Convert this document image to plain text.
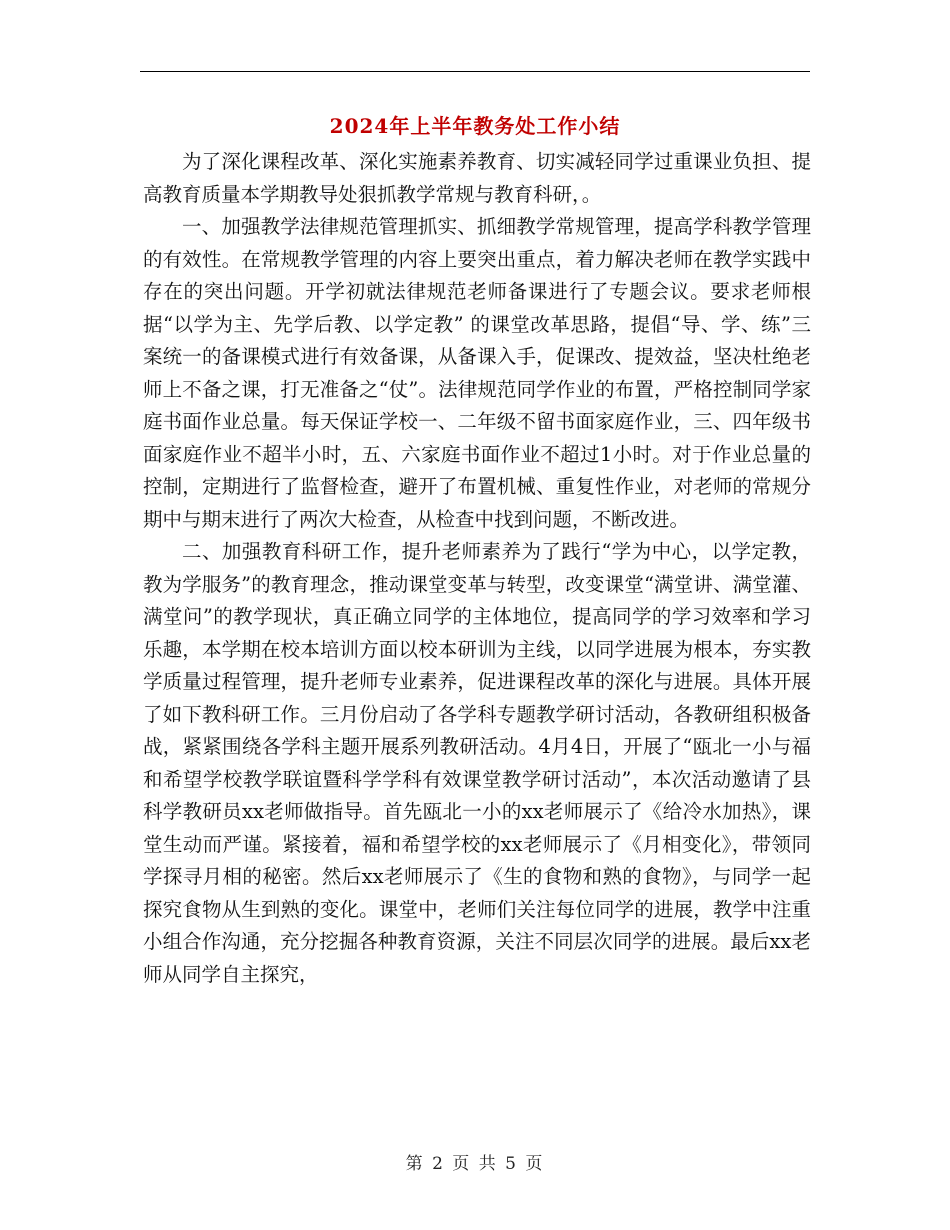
2024年上半年教务处工作小结

为了深化课程改革、深化实施素养教育、切实减轻同学过重课业负担、提高教育质量本学期教导处狠抓教学常规与教育科研，。

一、加强教学法律规范管理抓实、抓细教学常规管理，提高学科教学管理的有效性。在常规教学管理的内容上要突出重点，着力解决老师在教学实践中存在的突出问题。开学初就法律规范老师备课进行了专题会议。要求老师根据“以学为主、先学后教、以学定教” 的课堂改革思路，提倡“导、学、练”三案统一的备课模式进行有效备课，从备课入手，促课改、提效益，坚决杜绝老师上不备之课，打无准备之“仗”。法律规范同学作业的布置，严格控制同学家庭书面作业总量。每天保证学校一、二年级不留书面家庭作业，三、四年级书面家庭作业不超半小时，五、六家庭书面作业不超过1小时。对于作业总量的控制，定期进行了监督检查，避开了布置机械、重复性作业，对老师的常规分期中与期末进行了两次大检查，从检查中找到问题，不断改进。

二、加强教育科研工作，提升老师素养为了践行“学为中心，以学定教，教为学服务”的教育理念，推动课堂变革与转型，改变课堂“满堂讲、满堂灌、满堂问”的教学现状，真正确立同学的主体地位，提高同学的学习效率和学习乐趣，本学期在校本培训方面以校本研训为主线，以同学进展为根本，夯实教学质量过程管理，提升老师专业素养，促进课程改革的深化与进展。具体开展了如下教科研工作。三月份启动了各学科专题教学研讨活动，各教研组积极备战，紧紧围绕各学科主题开展系列教研活动。4月4日，开展了“瓯北一小与福和希望学校教学联谊暨科学学科有效课堂教学研讨活动”，本次活动邀请了县科学教研员xx老师做指导。首先瓯北一小的xx老师展示了《给冷水加热》，课堂生动而严谨。紧接着，福和希望学校的xx老师展示了《月相变化》，带领同学探寻月相的秘密。然后xx老师展示了《生的食物和熟的食物》，与同学一起探究食物从生到熟的变化。课堂中，老师们关注每位同学的进展，教学中注重小组合作沟通，充分挖掘各种教育资源，关注不同层次同学的进展。最后xx老师从同学自主探究，

第 2 页 共 5 页
